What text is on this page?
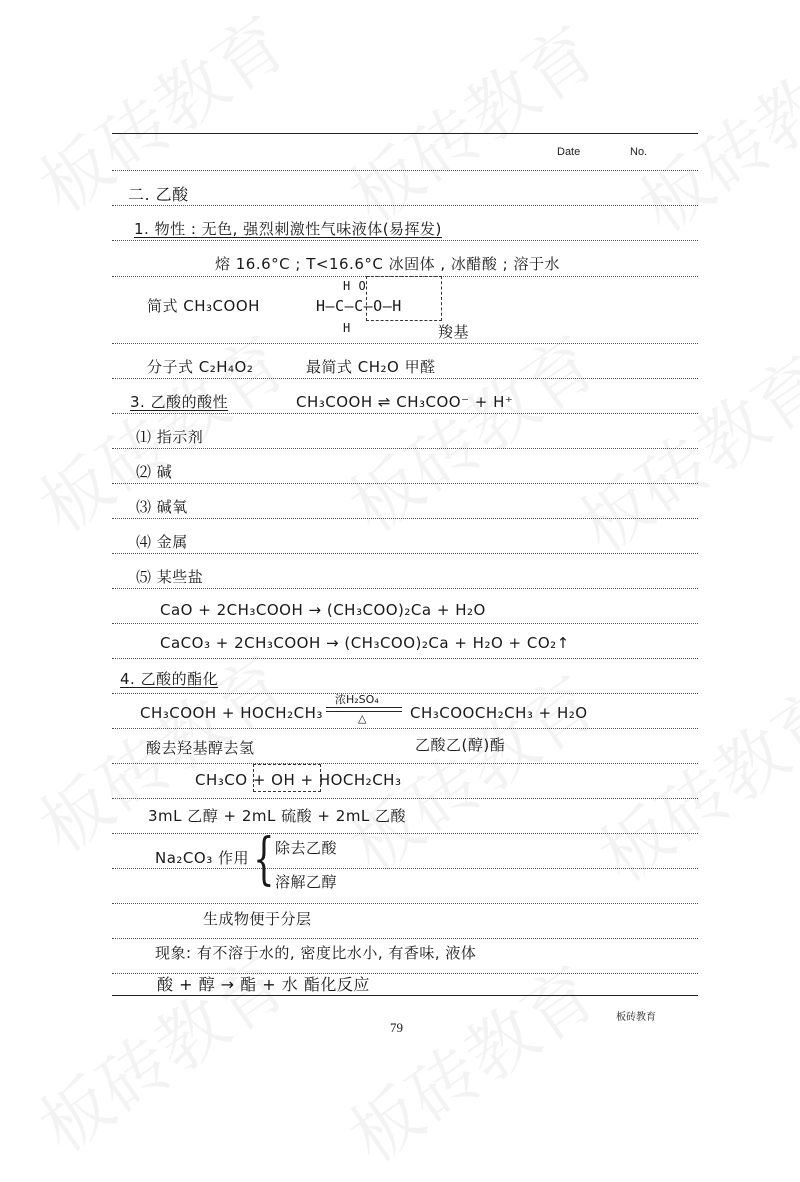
Date	No.
二. 乙酸
1. 物性 : 无色, 强烈刺激性气味液体(易挥发)
熔 16.6°C ; T<16.6°C 冰固体 , 冰醋酸 ; 溶于水
简式 CH₃COOH
H O
H—C—C—O—H
H	羧基
分子式 C₂H₄O₂	最简式 CH₂O 甲醛
3. 乙酸的酸性	CH₃COOH ⇌ CH₃COO⁻ + H⁺
⑴ 指示剂
⑵ 碱
⑶ 碱氧
⑷ 金属
⑸ 某些盐
CaO + 2CH₃COOH → (CH₃COO)₂Ca + H₂O
CaCO₃ + 2CH₃COOH → (CH₃COO)₂Ca + H₂O + CO₂↑
4. 乙酸的酯化
CH₃COOH + HOCH₂CH₃
浓H₂SO₄
△	CH₃COOCH₂CH₃ + H₂O
酸去羟基醇去氢	乙酸乙(醇)酯
CH₃CO + OH + HOCH₂CH₃
3mL 乙醇 + 2mL 硫酸 + 2mL 乙酸
Na₂CO₃ 作用 { 除去乙酸
溶解乙醇
生成物便于分层
现象: 有不溶于水的, 密度比水小, 有香味, 液体
酸 + 醇 → 酯 + 水 酯化反应
79
板砖教育
